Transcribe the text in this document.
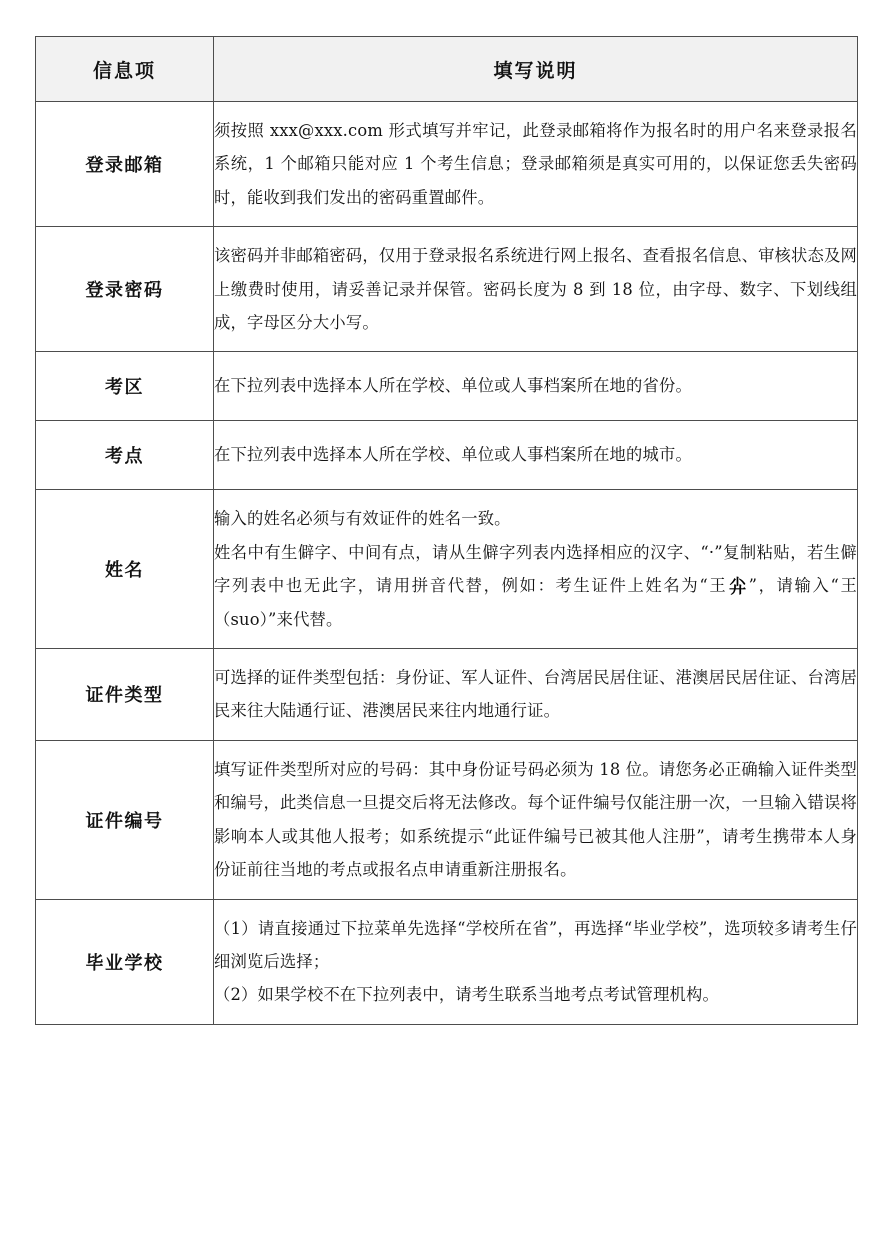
信息项	填写说明
登录邮箱	须按照 xxx@xxx.com 形式填写并牢记，此登录邮箱将作为报名时的用户名来登录报名系统，1 个邮箱只能对应 1 个考生信息；登录邮箱须是真实可用的，以保证您丢失密码时，能收到我们发出的密码重置邮件。

登录密码	该密码并非邮箱密码，仅用于登录报名系统进行网上报名、查看报名信息、审核状态及网上缴费时使用，请妥善记录并保管。密码长度为 8 到 18 位，由字母、数字、下划线组成，字母区分大小写。

考区	在下拉列表中选择本人所在学校、单位或人事档案所在地的省份。

考点	在下拉列表中选择本人所在学校、单位或人事档案所在地的城市。

姓名	输入的姓名必须与有效证件的姓名一致。

姓名中有生僻字、中间有点，请从生僻字列表内选择相应的汉字、“·”复制粘贴，若生僻字列表中也无此字，请用拼音代替，例如：考生证件上姓名为“王𡭛 ”，请输入“王（suo）”来代替。

证件类型	可选择的证件类型包括：身份证、军人证件、台湾居民居住证、港澳居民居住证、台湾居民来往大陆通行证、港澳居民来往内地通行证。

证件编号	填写证件类型所对应的号码：其中身份证号码必须为 18 位。请您务必正确输入证件类型和编号，此类信息一旦提交后将无法修改。每个证件编号仅能注册一次，一旦输入错误将影响本人或其他人报考；如系统提示“此证件编号已被其他人注册”，请考生携带本人身份证前往当地的考点或报名点申请重新注册报名。

毕业学校	（1）请直接通过下拉菜单先选择“学校所在省”，再选择“毕业学校”，选项较多请考生仔细浏览后选择；

（2）如果学校不在下拉列表中，请考生联系当地考点考试管理机构。
